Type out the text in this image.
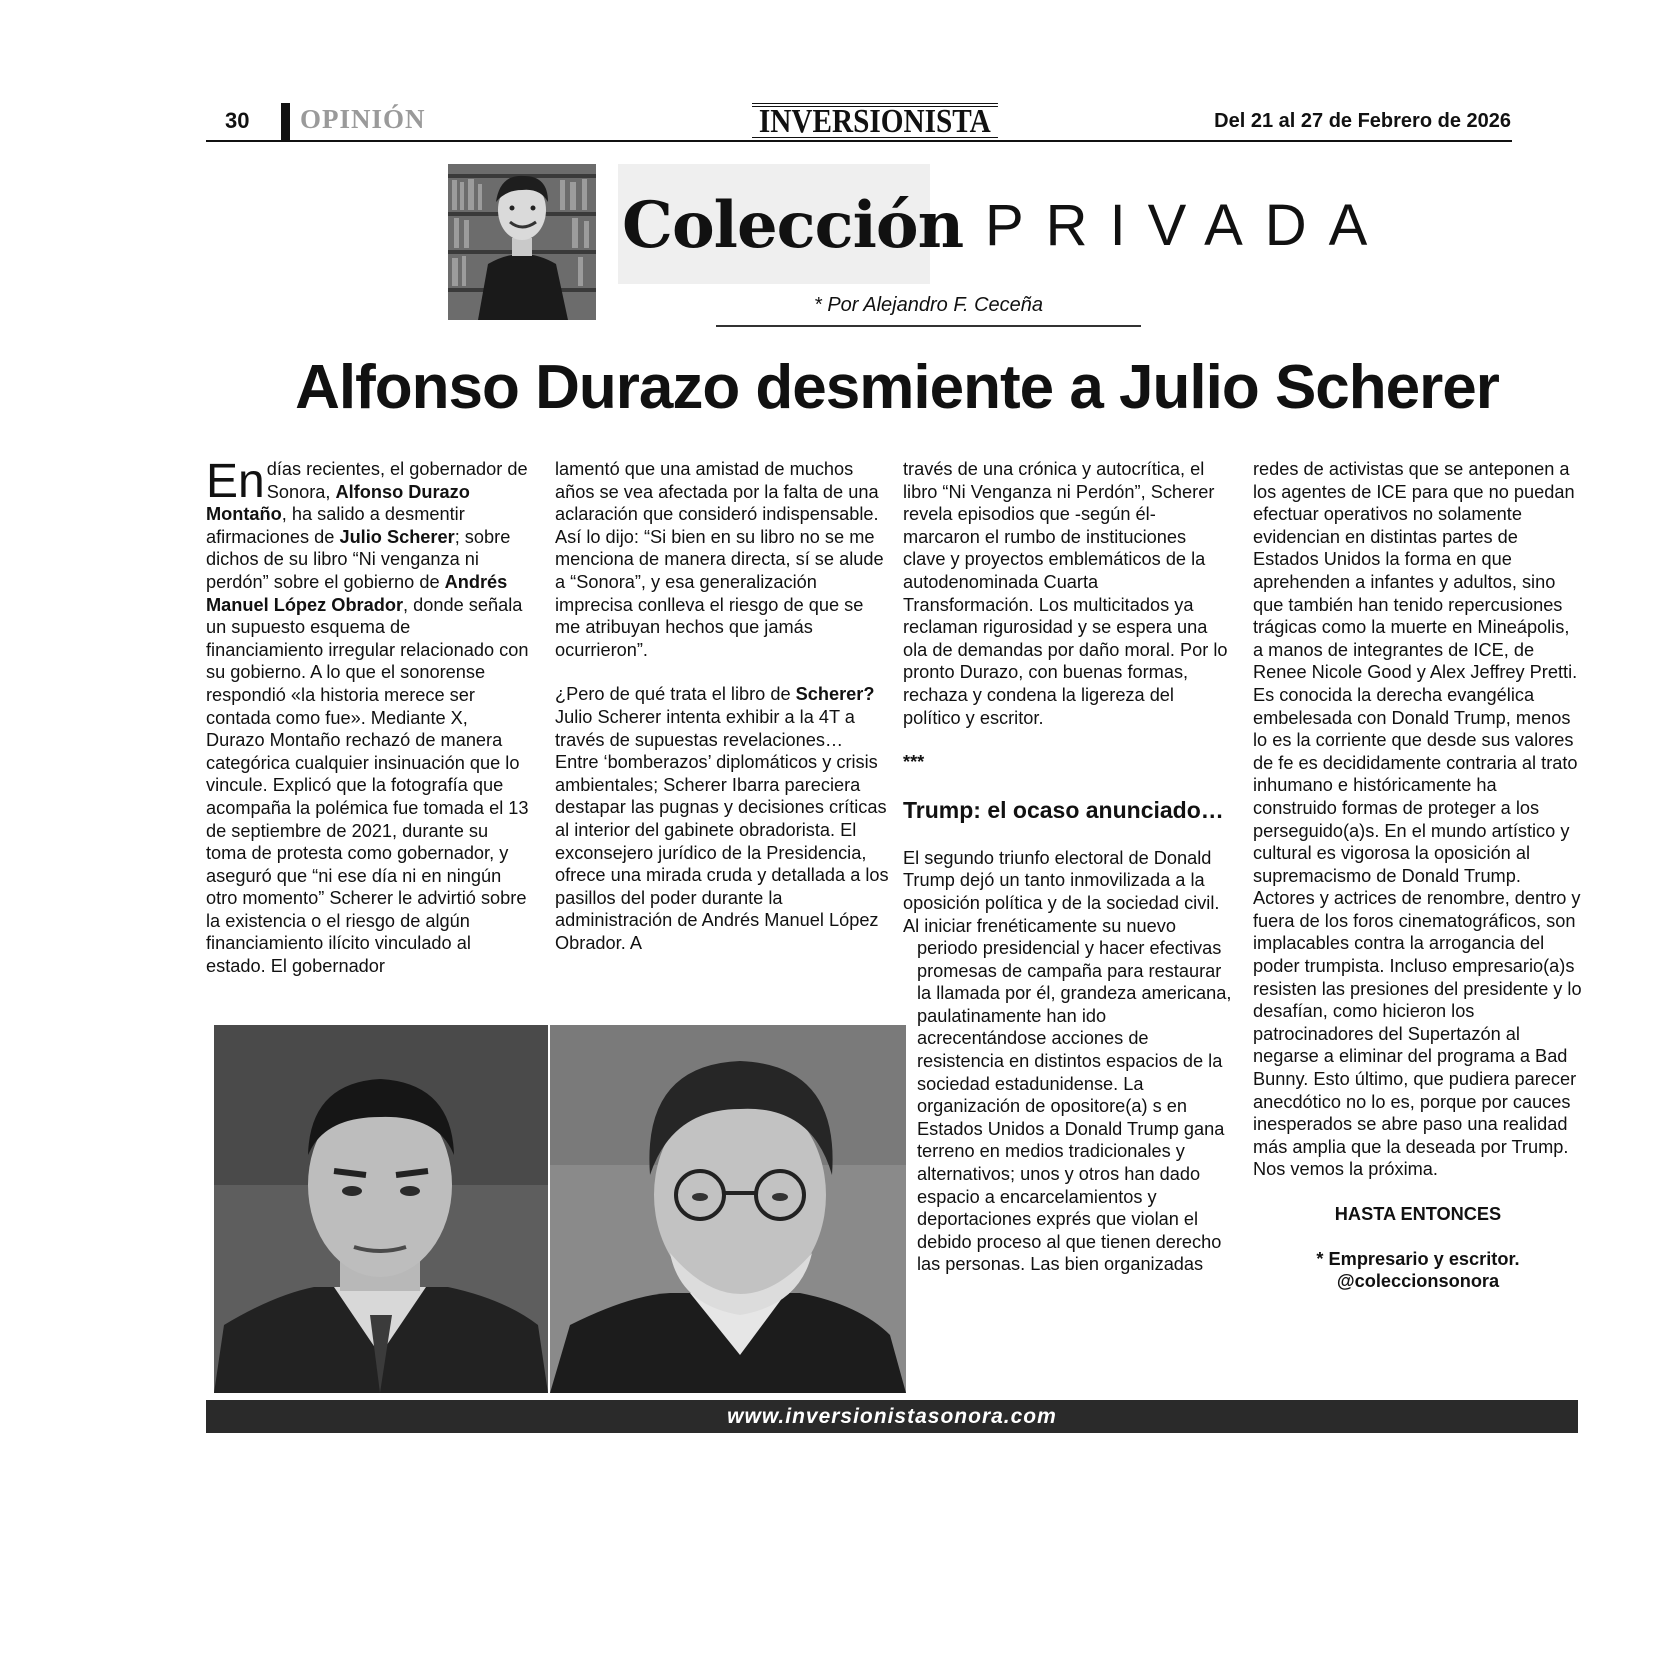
30 OPINIÓN	INVERSIONISTA	Del 21 al 27 de Febrero de 2026
Colección PRIVADA
* Por Alejandro F. Ceceña
Alfonso Durazo desmiente a Julio Scherer

En días recientes, el gobernador de Sonora, Alfonso Durazo Montaño, ha salido a desmentir afirmaciones de Julio Scherer; sobre dichos de su libro “Ni venganza ni perdón” sobre el gobierno de Andrés Manuel López Obrador, donde señala un supuesto esquema de financiamiento irregular relacionado con su gobierno. A lo que el sonorense respondió «la historia merece ser contada como fue». Mediante X, Durazo Montaño rechazó de manera categórica cualquier insinuación que lo vincule. Explicó que la fotografía que acompaña la polémica fue tomada el 13 de septiembre de 2021, durante su toma de protesta como gobernador, y aseguró que “ni ese día ni en ningún otro momento” Scherer le advirtió sobre la existencia o el riesgo de algún financiamiento ilícito vinculado al estado. El gobernador

lamentó que una amistad de muchos años se vea afectada por la falta de una aclaración que consideró indispensable. Así lo dijo: “Si bien en su libro no se me menciona de manera directa, sí se alude a “Sonora”, y esa generalización imprecisa conlleva el riesgo de que se me atribuyan hechos que jamás ocurrieron”.

¿Pero de qué trata el libro de Scherer? Julio Scherer intenta exhibir a la 4T a través de supuestas revelaciones… Entre ‘bomberazos’ diplomáticos y crisis ambientales; Scherer Ibarra pareciera destapar las pugnas y decisiones críticas al interior del gabinete obradorista. El exconsejero jurídico de la Presidencia, ofrece una mirada cruda y detallada a los pasillos del poder durante la administración de Andrés Manuel López Obrador. A

través de una crónica y autocrítica, el libro “Ni Venganza ni Perdón”, Scherer revela episodios que -según él- marcaron el rumbo de instituciones clave y proyectos emblemáticos de la autodenominada Cuarta Transformación. Los multicitados ya reclaman rigurosidad y se espera una ola de demandas por daño moral. Por lo pronto Durazo, con buenas formas, rechaza y condena la ligereza del político y escritor.

***

Trump: el ocaso anunciado…

El segundo triunfo electoral de Donald Trump dejó un tanto inmovilizada a la oposición política y de la sociedad civil. Al iniciar frenéticamente su nuevo

periodo presidencial y hacer efectivas promesas de campaña para restaurar la llamada por él, grandeza americana, paulatinamente han ido acrecentándose acciones de resistencia en distintos espacios de la sociedad estadunidense. La organización de opositore(a) s en Estados Unidos a Donald Trump gana terreno en medios tradicionales y alternativos; unos y otros han dado espacio a encarcelamientos y deportaciones exprés que violan el debido proceso al que tienen derecho las personas. Las bien organizadas

redes de activistas que se anteponen a los agentes de ICE para que no puedan efectuar operativos no solamente evidencian en distintas partes de Estados Unidos la forma en que aprehenden a infantes y adultos, sino que también han tenido repercusiones trágicas como la muerte en Mineápolis, a manos de integrantes de ICE, de Renee Nicole Good y Alex Jeffrey Pretti.

Es conocida la derecha evangélica embelesada con Donald Trump, menos lo es la corriente que desde sus valores de fe es decididamente contraria al trato inhumano e históricamente ha construido formas de proteger a los perseguido(a)s. En el mundo artístico y cultural es vigorosa la oposición al supremacismo de Donald Trump. Actores y actrices de renombre, dentro y fuera de los foros cinematográficos, son implacables contra la arrogancia del poder trumpista. Incluso empresario(a)s resisten las presiones del presidente y lo desafían, como hicieron los patrocinadores del Supertazón al negarse a eliminar del programa a Bad Bunny. Esto último, que pudiera parecer anecdótico no lo es, porque por cauces inesperados se abre paso una realidad más amplia que la deseada por Trump. Nos vemos la próxima.

HASTA ENTONCES

* Empresario y escritor.

@coleccionsonora

www.inversionistasonora.com
